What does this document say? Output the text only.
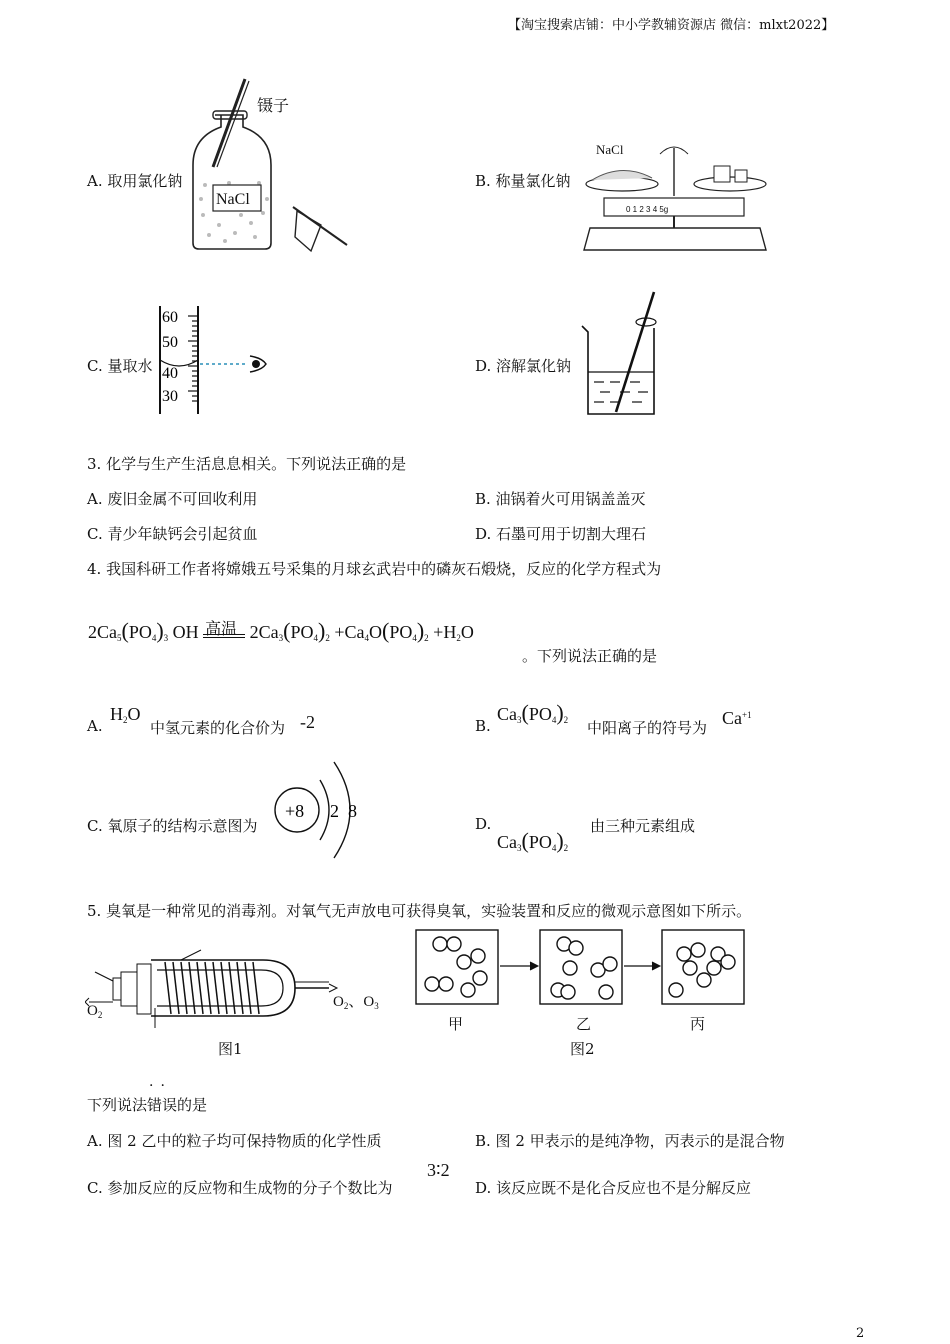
【淘宝搜索店铺：中小学教辅资源店 微信：mlxt2022】
A. 取用氯化钠
NaCl
镊子
B. 称量氯化钠
NaCl
0 1 2 3 4 5g
C. 量取水
60
50
40
30
D. 溶解氯化钠
3. 化学与生产生活息息相关。下列说法正确的是
A. 废旧金属不可回收利用	B. 油锅着火可用锅盖盖灭
C. 青少年缺钙会引起贫血	D. 石墨可用于切割大理石
4. 我国科研工作者将嫦娥五号采集的月球玄武岩中的磷灰石煅烧，反应的化学方程式为
$2Ca_5(PO_4)_3$ OH 高温 $2Ca_3(PO_4)_2 +Ca_4O(PO_4)_2 +H_2O$
。下列说法正确的是
A.
$H_2O$
中氢元素的化合价为 -2	B.
$Ca_3(PO_4)_2$ 中阳离子的符号为 $Ca^{+1}$
C. 氧原子的结构示意图为
+8 2 8
D.
$Ca_3(PO_4)_2$
由三种元素组成
5. 臭氧是一种常见的消毒剂。对氧气无声放电可获得臭氧，实验装置和反应的微观示意图如下所示。
$O_2$
$O_2$、$O_3$
图1
甲	乙	丙
图2
下列说法
··
错误的是
A. 图 2 乙中的粒子均可保持物质的化学性质	B. 图 2 甲表示的是纯净物，丙表示的是混合物
C. 参加反应的反应物和生成物的分子个数比为
3∶2
D. 该反应既不是化合反应也不是分解反应
2
